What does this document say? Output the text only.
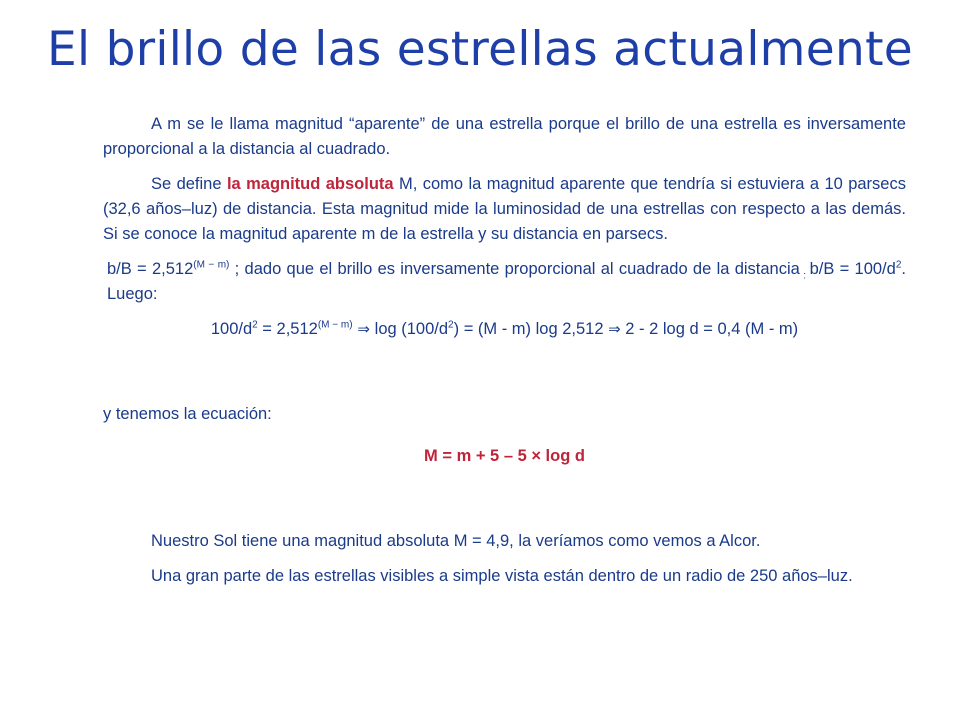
El brillo de las estrellas actualmente

A m se le llama magnitud “aparente” de una estrella porque el brillo de una estrella es inversamente proporcional a la distancia al cuadrado.

Se define la magnitud absoluta M, como la magnitud aparente que tendría si estuviera a 10 parsecs (32,6 años–luz) de distancia. Esta magnitud mide la luminosidad de una estrellas con respecto a las demás. Si se conoce la magnitud aparente m de la estrella y su distancia en parsecs.

$b/B = 2,512^{(M - m)}$ ; dado que el brillo es inversamente proporcional al cuadrado de la distancia $_:$ $b/B = 100/d^2$. Luego:

$100/d^2 = 2,512^{(M - m)}$ ⇒ $\log (100/d^2) = (M - m)$ log 2,512 ⇒ 2 - 2 log d = 0,4 (M - m)

y tenemos la ecuación:

M = m + 5 – 5 × log d

Nuestro Sol tiene una magnitud absoluta M = 4,9, la veríamos como vemos a Alcor.

Una gran parte de las estrellas visibles a simple vista están dentro de un radio de 250 años–luz.
